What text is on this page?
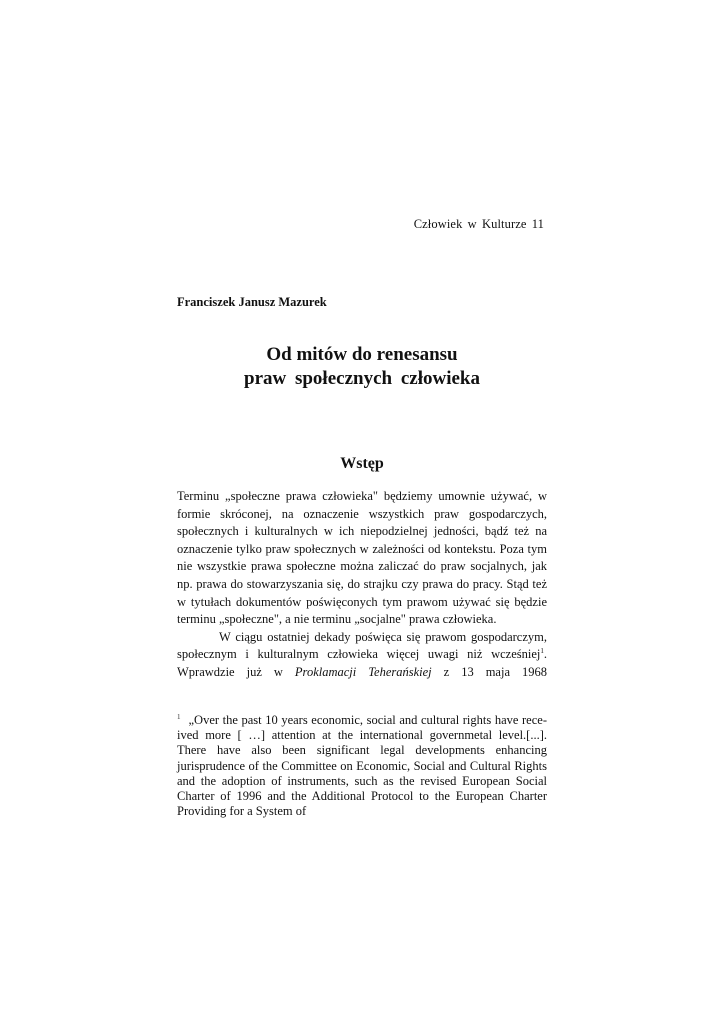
Człowiek w Kulturze 11
Franciszek Janusz Mazurek
Od mitów do renesansu
praw społecznych człowieka
Wstęp

Terminu „społeczne prawa człowieka" będziemy umownie używać, w formie skróconej, na oznaczenie wszystkich praw gospodarczych, społecznych i kulturalnych w ich niepodzielnej jedności, bądź też na oznaczenie tylko praw społecznych w zależności od kontekstu. Poza tym nie wszystkie prawa społeczne można zaliczać do praw socjalnych, jak np. prawa do stowarzyszania się, do strajku czy prawa do pracy. Stąd też w tytułach dokumentów poświęconych tym prawom używać się będzie terminu „społeczne", a nie terminu „socjalne" prawa człowieka.

W ciągu ostatniej dekady poświęca się prawom gospodarczym, społecznym i kulturalnym człowieka więcej uwagi niż wcześniej$^1$. Wprawdzie już w Proklamacji Teherańskiej z 13 maja 1968

$^1$ „Over the past 10 years economic, social and cultural rights have received more [ …] attention at the international governmetal level.[...]. There have also been significant legal developments enhancing jurisprudence of the Committee on Economic, Social and Cultural Rights and the adoption of instruments, such as the revised European Social Charter of 1996 and the Additional Protocol to the European Charter Providing for a System of
